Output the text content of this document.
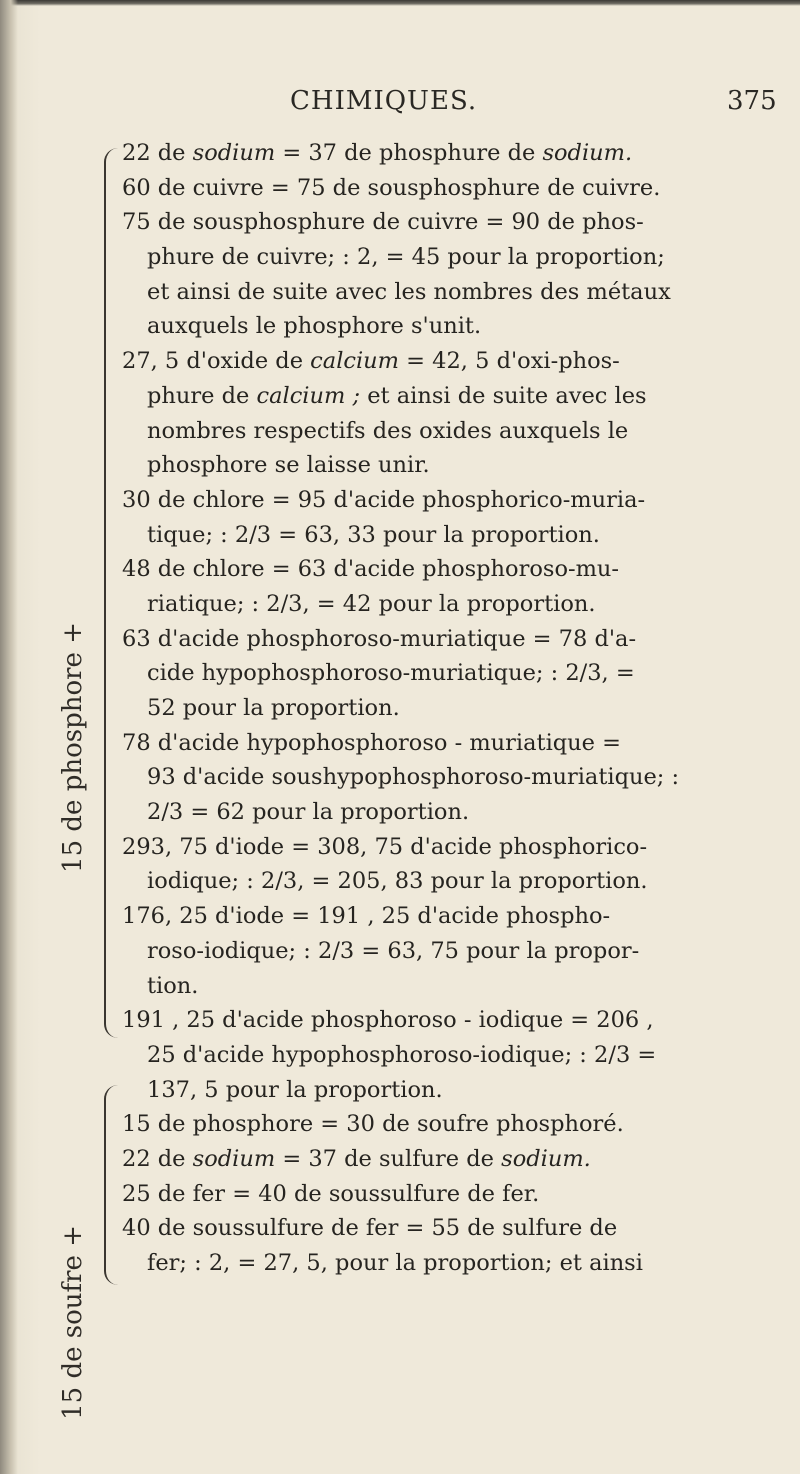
CHIMIQUES.	375
15 de phosphore +
15 de soufre +
22 de sodium = 37 de phosphure de sodium.
60 de cuivre = 75 de sousphosphure de cuivre.
75 de sousphosphure de cuivre = 90 de phos-
phure de cuivre; : 2, = 45 pour la proportion;
et ainsi de suite avec les nombres des métaux
auxquels le phosphore s'unit.
27, 5 d'oxide de calcium = 42, 5 d'oxi-phos-
phure de calcium ; et ainsi de suite avec les
nombres respectifs des oxides auxquels le
phosphore se laisse unir.
30 de chlore = 95 d'acide phosphorico-muria-
tique; : 2/3 = 63, 33 pour la proportion.
48 de chlore = 63 d'acide phosphoroso-mu-
riatique; : 2/3, = 42 pour la proportion.
63 d'acide phosphoroso-muriatique = 78 d'a-
cide hypophosphoroso-muriatique; : 2/3, =
52 pour la proportion.
78 d'acide hypophosphoroso - muriatique =
93 d'acide soushypophosphoroso-muriatique; :
2/3 = 62 pour la proportion.
293, 75 d'iode = 308, 75 d'acide phosphorico-
iodique; : 2/3, = 205, 83 pour la proportion.
176, 25 d'iode = 191 , 25 d'acide phospho-
roso-iodique; : 2/3 = 63, 75 pour la propor-
tion.
191 , 25 d'acide phosphoroso - iodique = 206 ,
25 d'acide hypophosphoroso-iodique; : 2/3 =
137, 5 pour la proportion.
15 de phosphore = 30 de soufre phosphoré.
22 de sodium = 37 de sulfure de sodium.
25 de fer = 40 de soussulfure de fer.
40 de soussulfure de fer = 55 de sulfure de
fer; : 2, = 27, 5, pour la proportion; et ainsi
